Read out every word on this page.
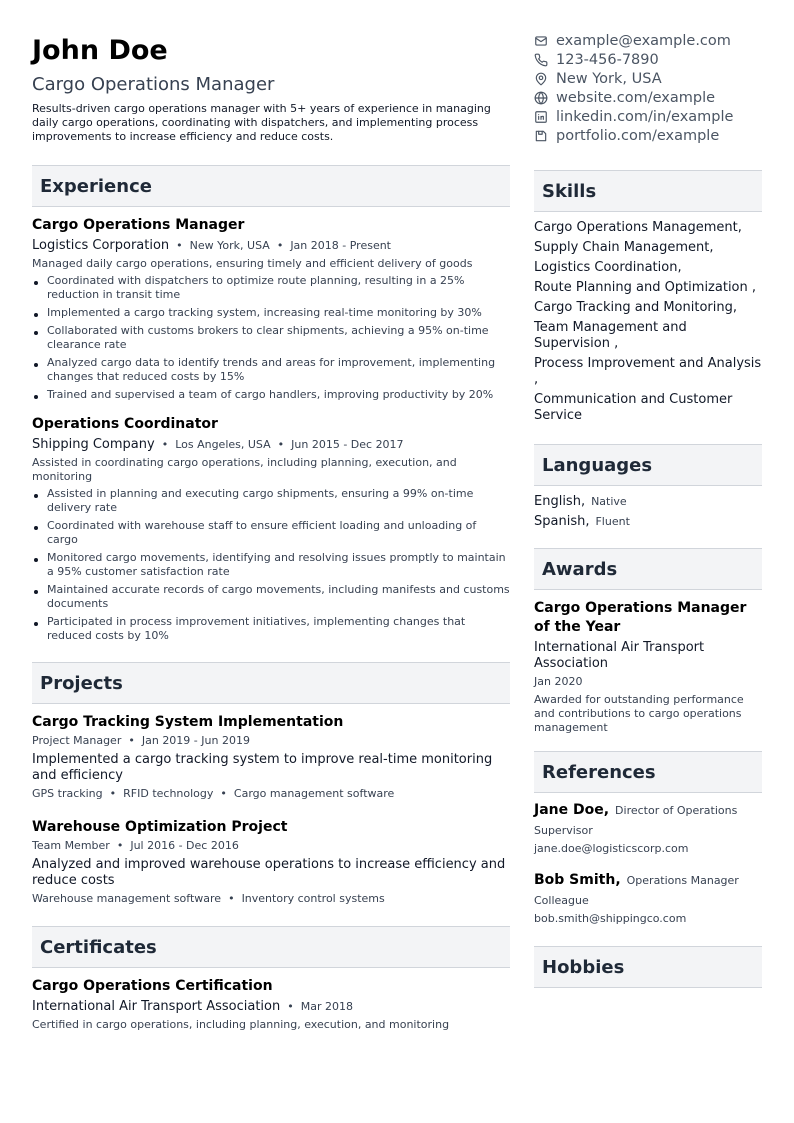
John Doe
Cargo Operations Manager
Results-driven cargo operations manager with 5+ years of experience in managing daily cargo operations, coordinating with dispatchers, and implementing process improvements to increase efficiency and reduce costs.
Experience
Cargo Operations Manager
Logistics Corporation • New York, USA • Jan 2018 - Present
Managed daily cargo operations, ensuring timely and efficient delivery of goods
Coordinated with dispatchers to optimize route planning, resulting in a 25% reduction in transit time
Implemented a cargo tracking system, increasing real-time monitoring by 30%
Collaborated with customs brokers to clear shipments, achieving a 95% on-time clearance rate
Analyzed cargo data to identify trends and areas for improvement, implementing changes that reduced costs by 15%
Trained and supervised a team of cargo handlers, improving productivity by 20%
Operations Coordinator
Shipping Company • Los Angeles, USA • Jun 2015 - Dec 2017
Assisted in coordinating cargo operations, including planning, execution, and monitoring
Assisted in planning and executing cargo shipments, ensuring a 99% on-time delivery rate
Coordinated with warehouse staff to ensure efficient loading and unloading of cargo
Monitored cargo movements, identifying and resolving issues promptly to maintain a 95% customer satisfaction rate
Maintained accurate records of cargo movements, including manifests and customs documents
Participated in process improvement initiatives, implementing changes that reduced costs by 10%
Projects
Cargo Tracking System Implementation
Project Manager • Jan 2019 - Jun 2019
Implemented a cargo tracking system to improve real-time monitoring and efficiency
GPS tracking • RFID technology • Cargo management software
Warehouse Optimization Project
Team Member • Jul 2016 - Dec 2016
Analyzed and improved warehouse operations to increase efficiency and reduce costs
Warehouse management software • Inventory control systems
Certificates
Cargo Operations Certification
International Air Transport Association • Mar 2018
Certified in cargo operations, including planning, execution, and monitoring
example@example.com
123-456-7890
New York, USA
website.com/example
linkedin.com/in/example
portfolio.com/example
Skills
Cargo Operations Management,
Supply Chain Management,
Logistics Coordination,
Route Planning and Optimization ,
Cargo Tracking and Monitoring,
Team Management and Supervision ,
Process Improvement and Analysis ,
Communication and Customer Service
Languages
English, Native
Spanish, Fluent
Awards
Cargo Operations Manager of the Year
International Air Transport Association
Jan 2020
Awarded for outstanding performance and contributions to cargo operations management
References
Jane Doe, Director of Operations
Supervisor
jane.doe@logisticscorp.com
Bob Smith, Operations Manager
Colleague
bob.smith@shippingco.com
Hobbies
